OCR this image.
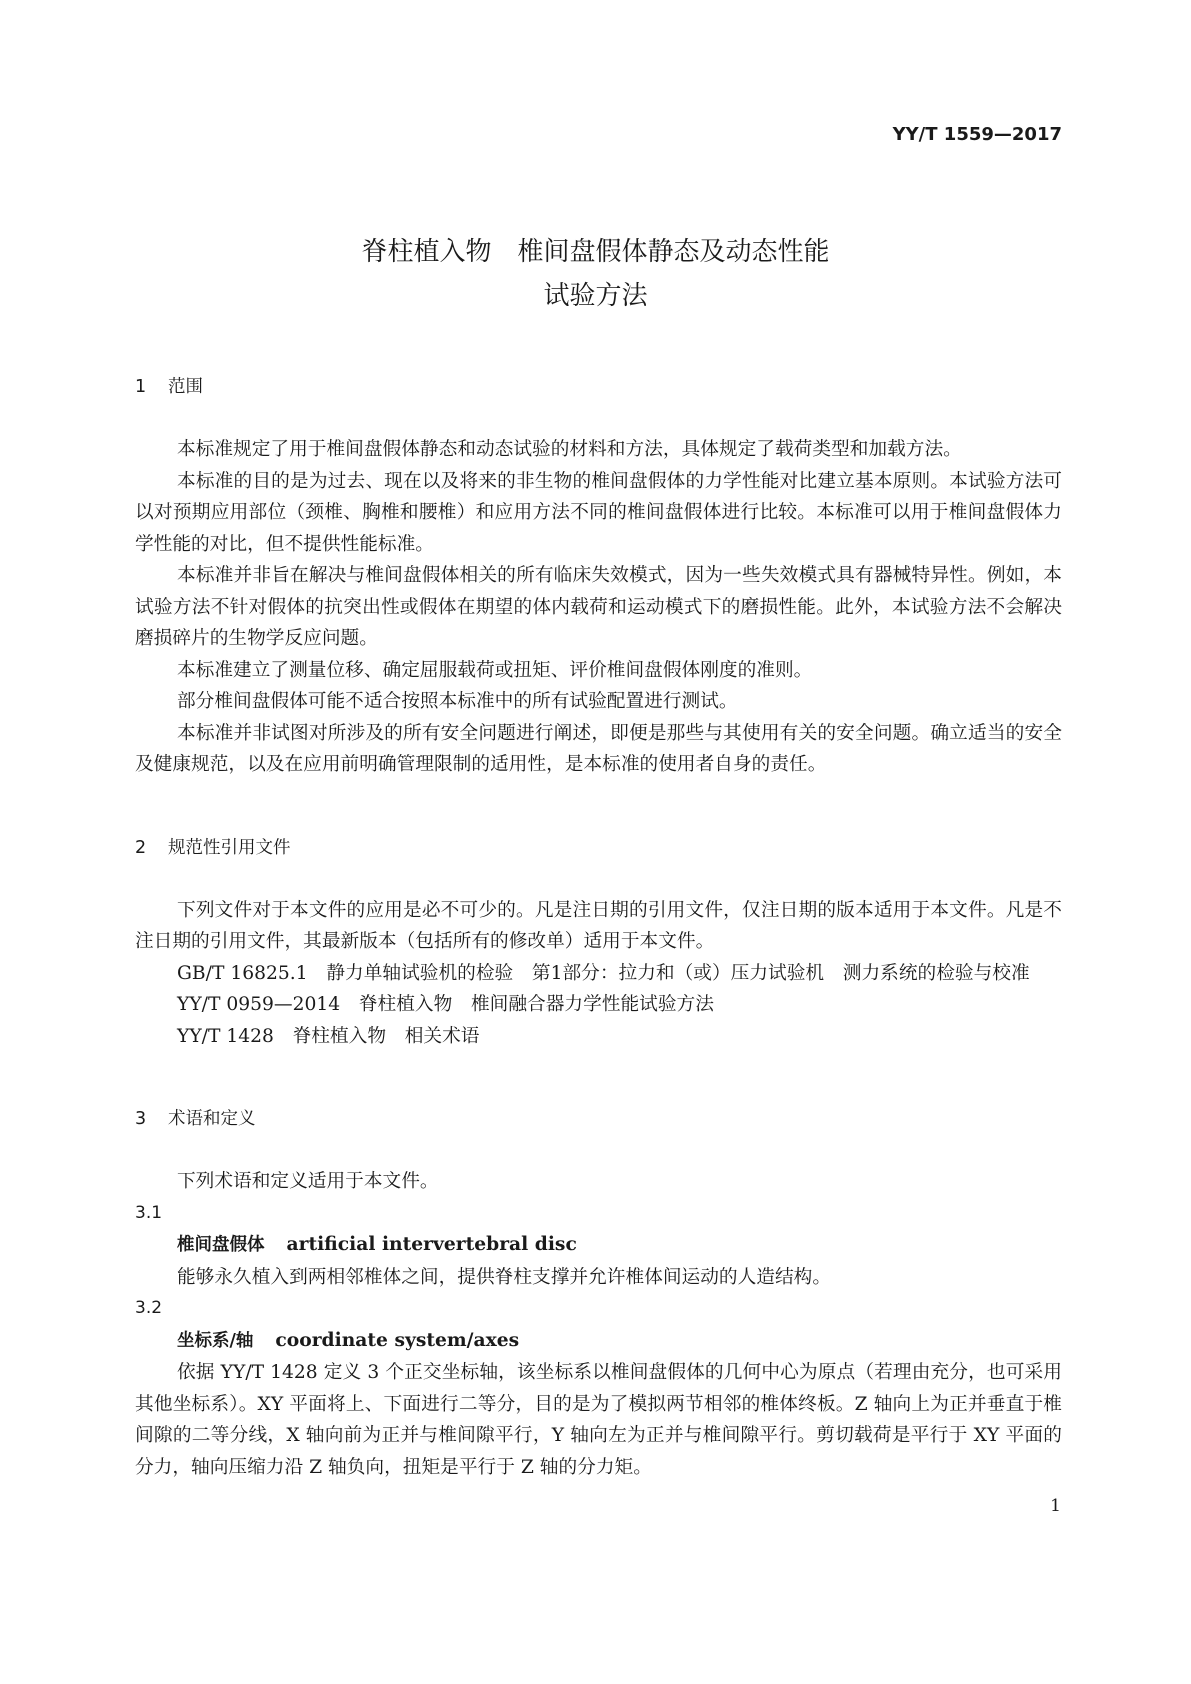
YY/T 1559—2017
脊柱植入物　椎间盘假体静态及动态性能
试验方法
1 范围

本标准规定了用于椎间盘假体静态和动态试验的材料和方法，具体规定了载荷类型和加载方法。

本标准的目的是为过去、现在以及将来的非生物的椎间盘假体的力学性能对比建立基本原则。本试验方法可以对预期应用部位（颈椎、胸椎和腰椎）和应用方法不同的椎间盘假体进行比较。本标准可以用于椎间盘假体力学性能的对比，但不提供性能标准。

本标准并非旨在解决与椎间盘假体相关的所有临床失效模式，因为一些失效模式具有器械特异性。例如，本试验方法不针对假体的抗突出性或假体在期望的体内载荷和运动模式下的磨损性能。此外，本试验方法不会解决磨损碎片的生物学反应问题。

本标准建立了测量位移、确定屈服载荷或扭矩、评价椎间盘假体刚度的准则。

部分椎间盘假体可能不适合按照本标准中的所有试验配置进行测试。

本标准并非试图对所涉及的所有安全问题进行阐述，即便是那些与其使用有关的安全问题。确立适当的安全及健康规范，以及在应用前明确管理限制的适用性，是本标准的使用者自身的责任。

2 规范性引用文件

下列文件对于本文件的应用是必不可少的。凡是注日期的引用文件，仅注日期的版本适用于本文件。凡是不注日期的引用文件，其最新版本（包括所有的修改单）适用于本文件。

GB/T 16825.1　静力单轴试验机的检验　第1部分：拉力和（或）压力试验机　测力系统的检验与校准

YY/T 0959—2014　脊柱植入物　椎间融合器力学性能试验方法

YY/T 1428　脊柱植入物　相关术语

3 术语和定义

下列术语和定义适用于本文件。

3.1
椎间盘假体 artificial intervertebral disc

能够永久植入到两相邻椎体之间，提供脊柱支撑并允许椎体间运动的人造结构。

3.2
坐标系/轴 coordinate system/axes

依据 YY/T 1428 定义 3 个正交坐标轴，该坐标系以椎间盘假体的几何中心为原点（若理由充分，也可采用其他坐标系）。XY 平面将上、下面进行二等分，目的是为了模拟两节相邻的椎体终板。Z 轴向上为正并垂直于椎间隙的二等分线，X 轴向前为正并与椎间隙平行，Y 轴向左为正并与椎间隙平行。剪切载荷是平行于 XY 平面的分力，轴向压缩力沿 Z 轴负向，扭矩是平行于 Z 轴的分力矩。

1
